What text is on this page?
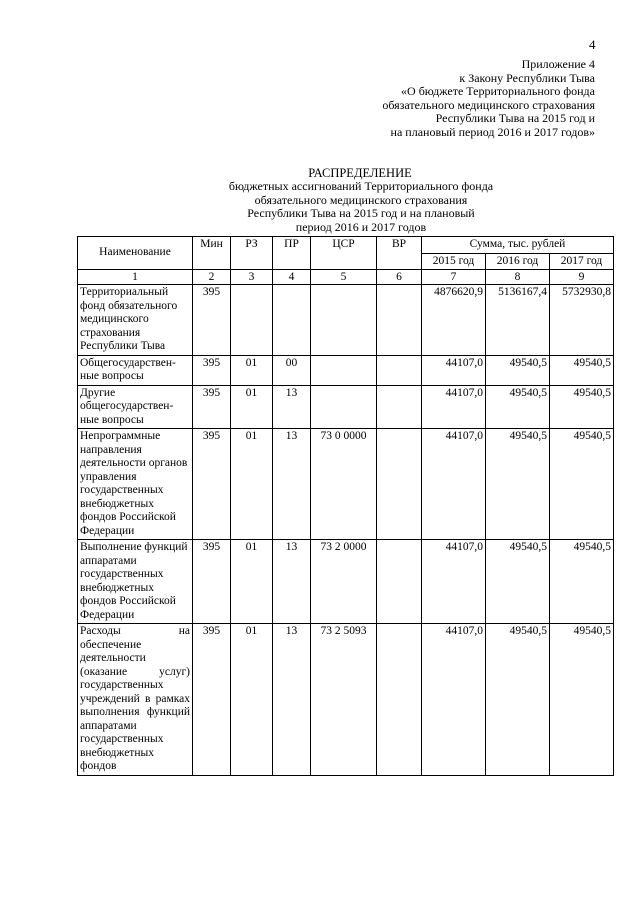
4
Приложение 4
к Закону Республики Тыва
«О бюджете Территориального фонда
обязательного медицинского страхования
Республики Тыва на 2015 год и
на плановый период 2016 и 2017 годов»
РАСПРЕДЕЛЕНИЕ
бюджетных ассигнований Территориального фонда
обязательного медицинского страхования
Республики Тыва на 2015 год и на плановый
период 2016 и 2017 годов
Наименование	Мин	РЗ	ПР	ЦСР	ВР	Сумма, тыс. рублей		
						2015 год	2016 год	2017 год
1	2	3	4	5	6	7	8	9
Территориальный фонд обязательного медицинского страхования Республики Тыва	395					4876620,9	5136167,4	5732930,8
Общегосударствен-ные вопросы	395	01	00			44107,0	49540,5	49540,5
Другие общегосударствен-ные вопросы	395	01	13			44107,0	49540,5	49540,5
Непрограммные направления деятельности органов управления государственных внебюджетных фондов Российской Федерации	395	01	13	73 0 0000		44107,0	49540,5	49540,5
Выполнение функций аппаратами государственных внебюджетных фондов Российской Федерации	395	01	13	73 2 0000		44107,0	49540,5	49540,5
Расходы на обеспечение деятельности (оказание услуг) государственных учреждений в рамках выполнения функций аппаратами государственных внебюджетных фондов	395	01	13	73 2 5093		44107,0	49540,5	49540,5
